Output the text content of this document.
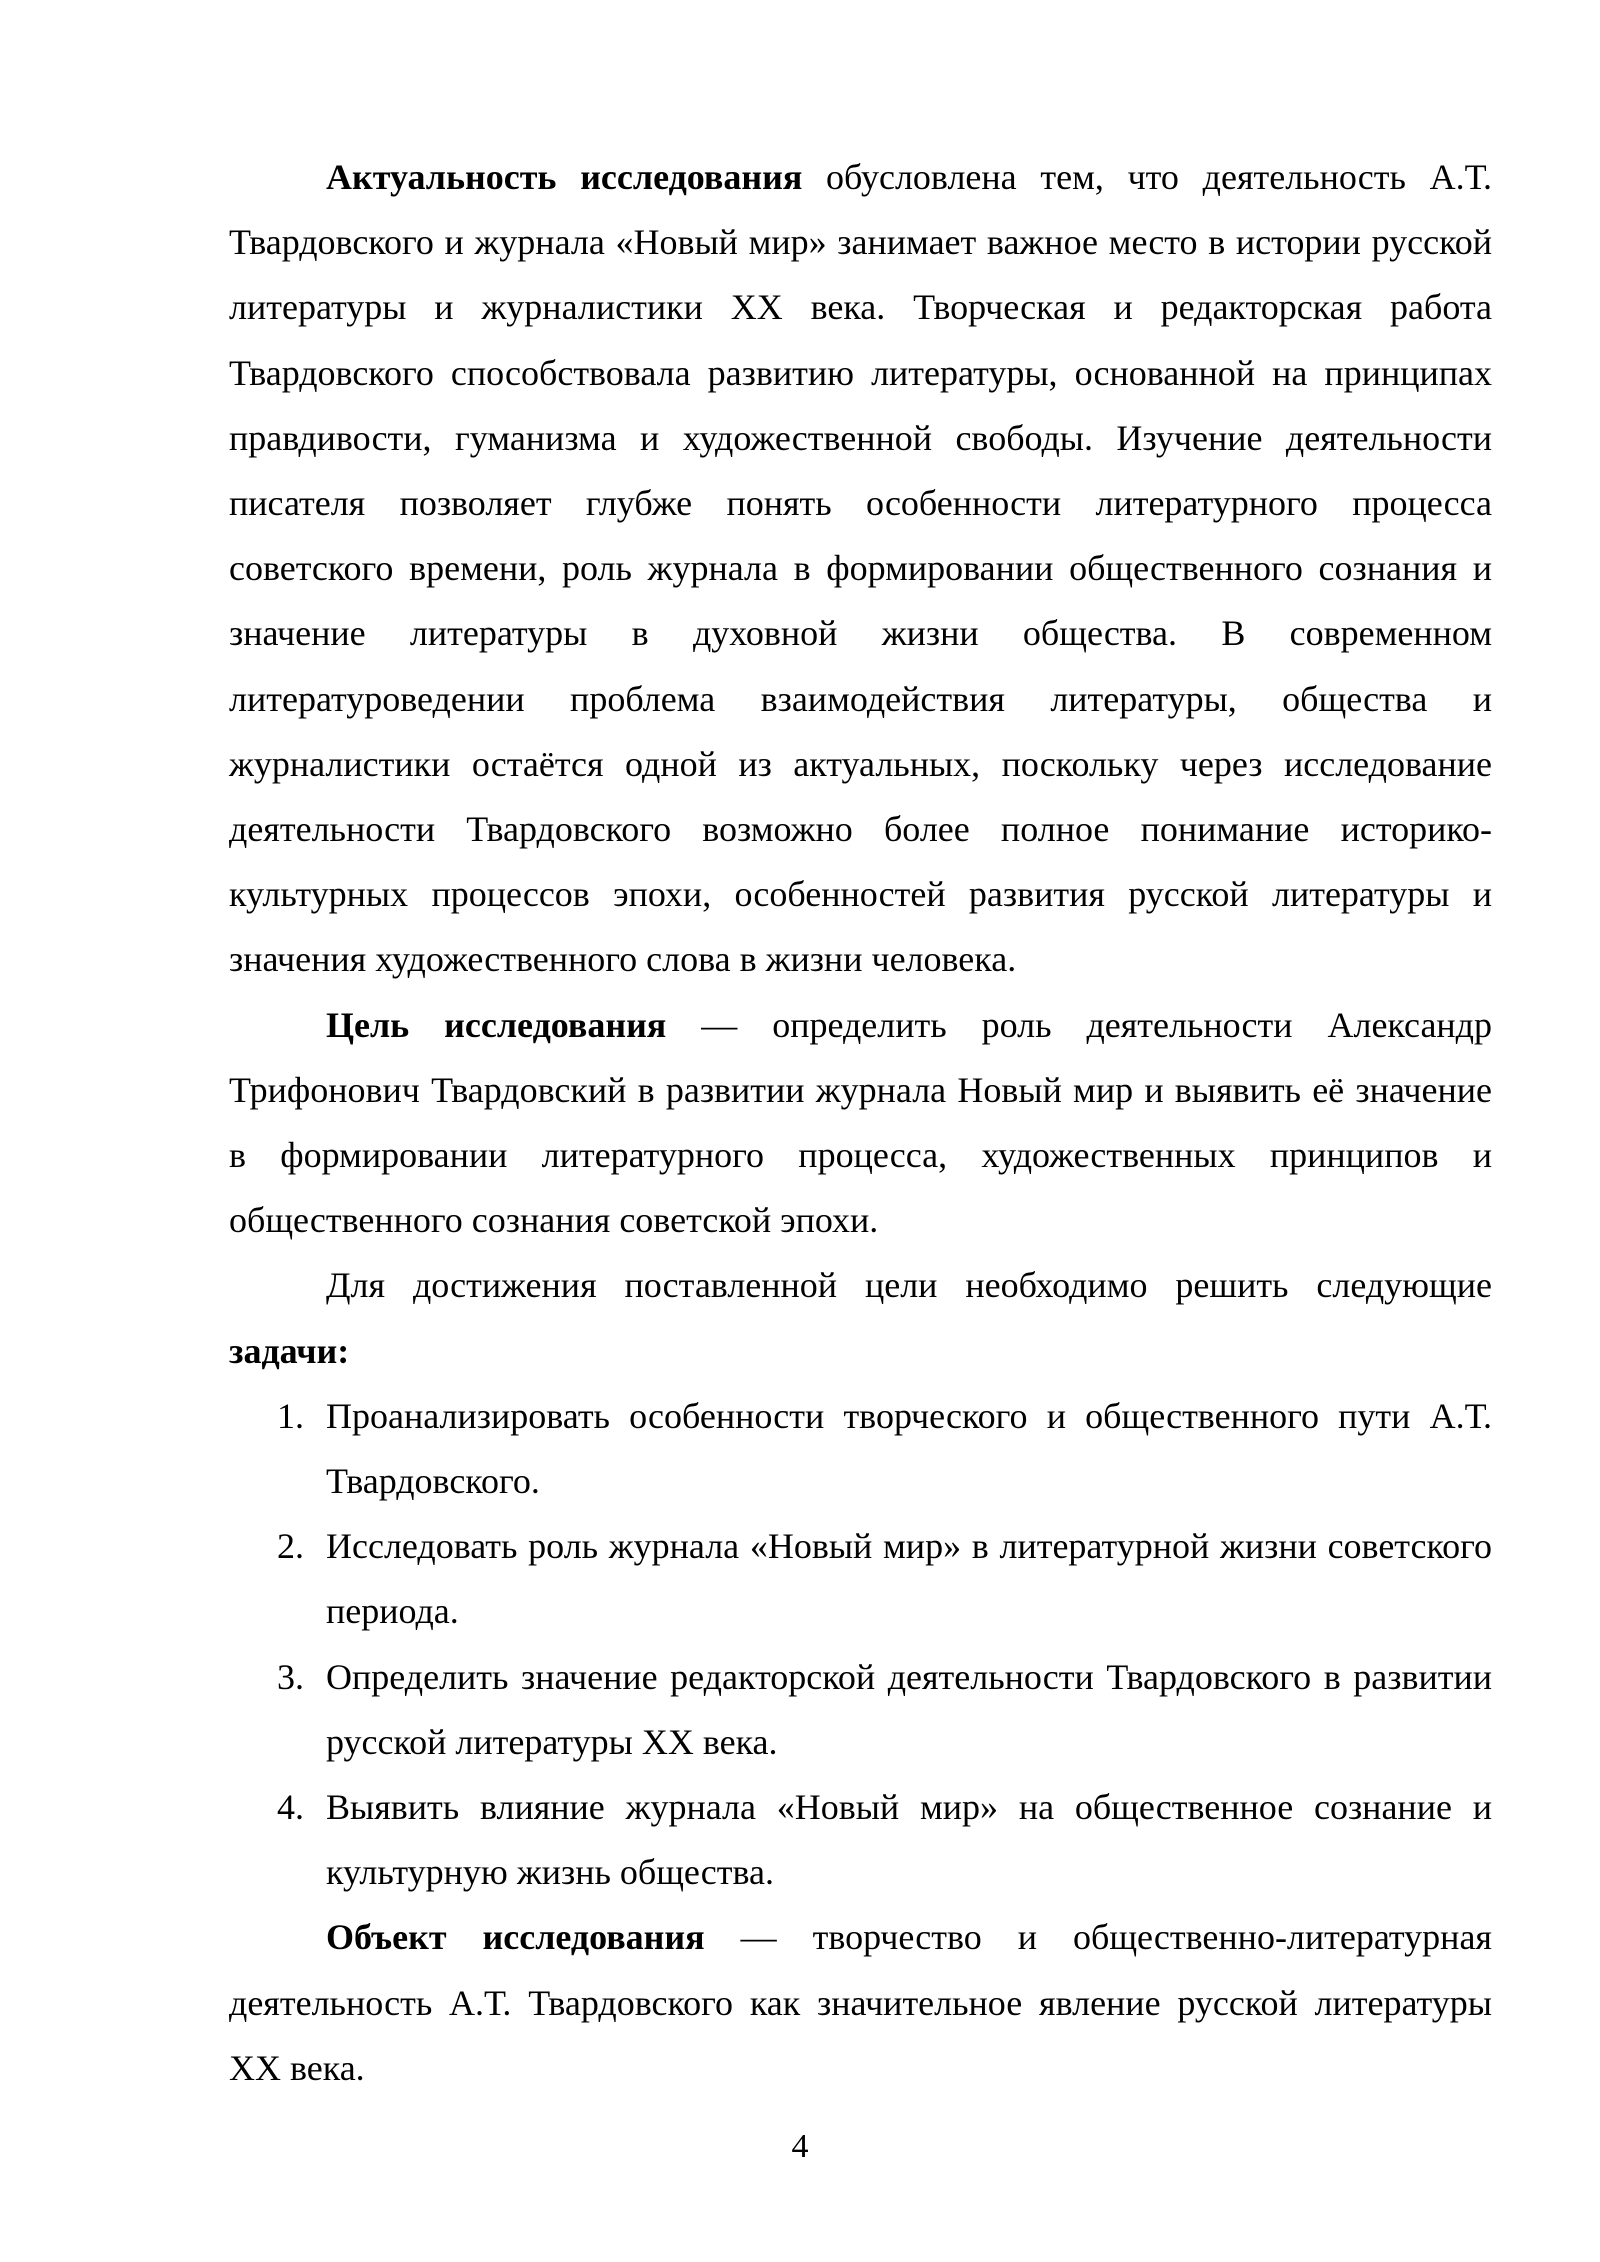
Актуальность исследования обусловлена тем, что деятельность А.Т. Твардовского и журнала «Новый мир» занимает важное место в истории русской литературы и журналистики XX века. Творческая и редакторская работа Твардовского способствовала развитию литературы, основанной на принципах правдивости, гуманизма и художественной свободы. Изучение деятельности писателя позволяет глубже понять особенности литературного процесса советского времени, роль журнала в формировании общественного сознания и значение литературы в духовной жизни общества. В современном литературоведении проблема взаимодействия литературы, общества и журналистики остаётся одной из актуальных, поскольку через исследование деятельности Твардовского возможно более полное понимание историко-культурных процессов эпохи, особенностей развития русской литературы и значения художественного слова в жизни человека.

Цель исследования — определить роль деятельности Александр Трифонович Твардовский в развитии журнала Новый мир и выявить её значение в формировании литературного процесса, художественных принципов и общественного сознания советской эпохи.

Для достижения поставленной цели необходимо решить следующие задачи:

1. Проанализировать особенности творческого и общественного пути А.Т. Твардовского.
2. Исследовать роль журнала «Новый мир» в литературной жизни советского периода.
3. Определить значение редакторской деятельности Твардовского в развитии русской литературы XX века.
4. Выявить влияние журнала «Новый мир» на общественное сознание и культурную жизнь общества.

Объект исследования — творчество и общественно-литературная деятельность А.Т. Твардовского как значительное явление русской литературы XX века.

4
